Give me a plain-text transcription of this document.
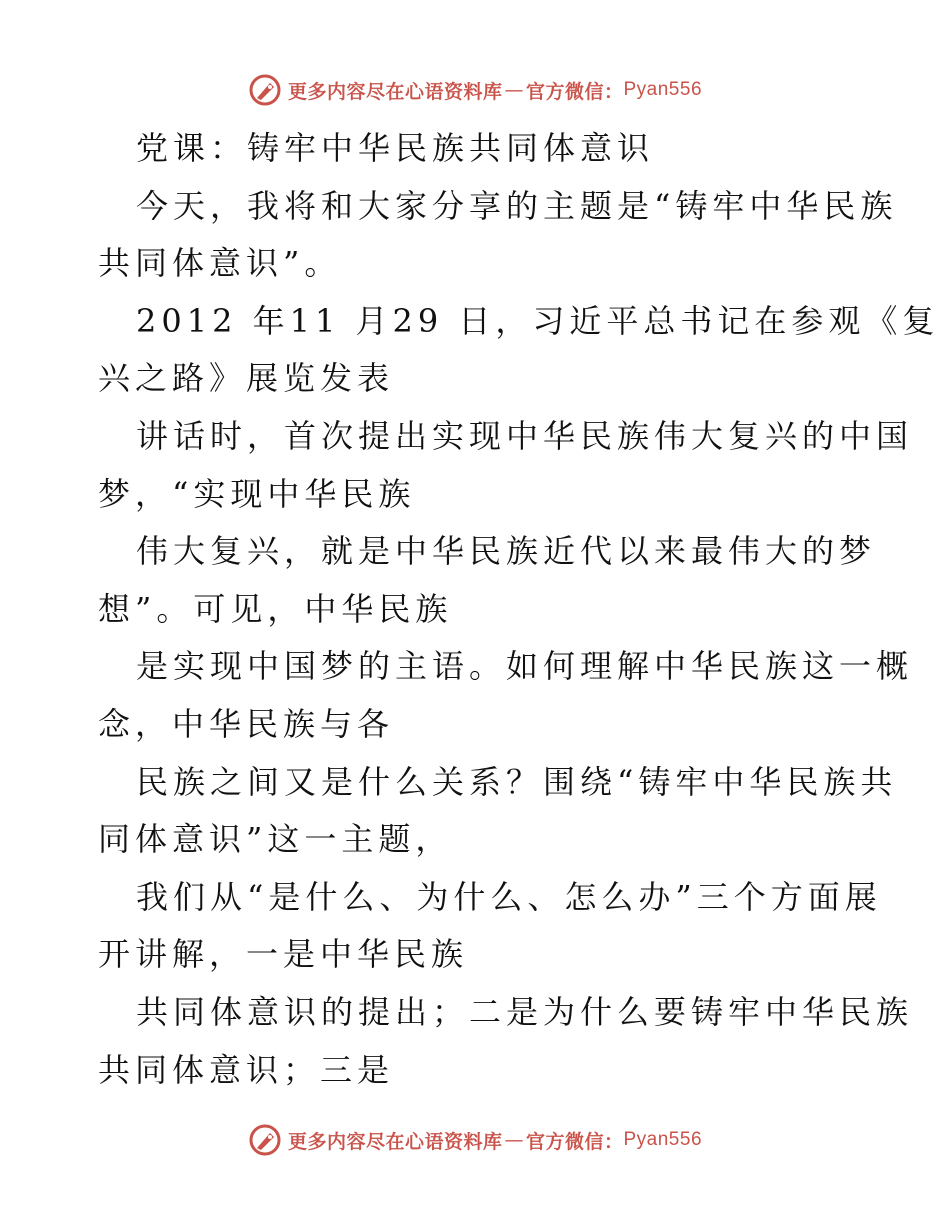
更多内容尽在心语资料库 — 官方微信： Pyan556
党课：铸牢中华民族共同体意识
今天，我将和大家分享的主题是“铸牢中华民族
共同体意识”。
2012 年11 月29 日，习近平总书记在参观《复
兴之路》展览发表
讲话时，首次提出实现中华民族伟大复兴的中国
梦，“实现中华民族
伟大复兴，就是中华民族近代以来最伟大的梦
想”。可见，中华民族
是实现中国梦的主语。如何理解中华民族这一概
念，中华民族与各
民族之间又是什么关系？围绕“铸牢中华民族共
同体意识”这一主题，
我们从“是什么、为什么、怎么办”三个方面展
开讲解，一是中华民族
共同体意识的提出；二是为什么要铸牢中华民族
共同体意识；三是
更多内容尽在心语资料库 — 官方微信： Pyan556
